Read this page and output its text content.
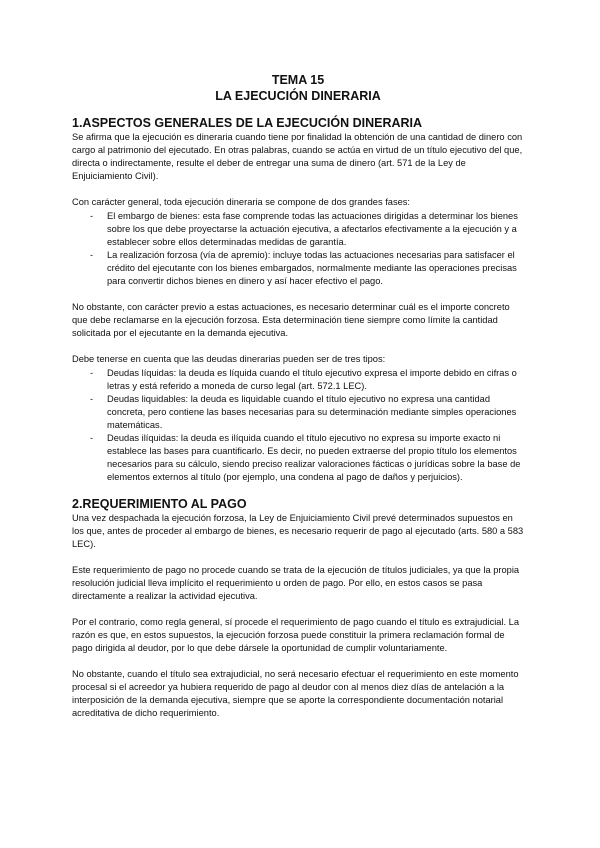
TEMA 15

LA EJECUCIÓN DINERARIA

1.ASPECTOS GENERALES DE LA EJECUCIÓN DINERARIA

Se afirma que la ejecución es dineraria cuando tiene por finalidad la obtención de una cantidad de dinero con cargo al patrimonio del ejecutado. En otras palabras, cuando se actúa en virtud de un título ejecutivo del que, directa o indirectamente, resulte el deber de entregar una suma de dinero (art. 571 de la Ley de Enjuiciamiento Civil).

Con carácter general, toda ejecución dineraria se compone de dos grandes fases:

- El embargo de bienes: esta fase comprende todas las actuaciones dirigidas a determinar los bienes sobre los que debe proyectarse la actuación ejecutiva, a afectarlos efectivamente a la ejecución y a establecer sobre ellos determinadas medidas de garantía.
- La realización forzosa (vía de apremio): incluye todas las actuaciones necesarias para satisfacer el crédito del ejecutante con los bienes embargados, normalmente mediante las operaciones precisas para convertir dichos bienes en dinero y así hacer efectivo el pago.

No obstante, con carácter previo a estas actuaciones, es necesario determinar cuál es el importe concreto que debe reclamarse en la ejecución forzosa. Esta determinación tiene siempre como límite la cantidad solicitada por el ejecutante en la demanda ejecutiva.

Debe tenerse en cuenta que las deudas dinerarias pueden ser de tres tipos:

- Deudas líquidas: la deuda es líquida cuando el título ejecutivo expresa el importe debido en cifras o letras y está referido a moneda de curso legal (art. 572.1 LEC).
- Deudas liquidables: la deuda es liquidable cuando el título ejecutivo no expresa una cantidad concreta, pero contiene las bases necesarias para su determinación mediante simples operaciones matemáticas.
- Deudas ilíquidas: la deuda es ilíquida cuando el título ejecutivo no expresa su importe exacto ni establece las bases para cuantificarlo. Es decir, no pueden extraerse del propio título los elementos necesarios para su cálculo, siendo preciso realizar valoraciones fácticas o jurídicas sobre la base de elementos externos al título (por ejemplo, una condena al pago de daños y perjuicios).
2.REQUERIMIENTO AL PAGO

Una vez despachada la ejecución forzosa, la Ley de Enjuiciamiento Civil prevé determinados supuestos en los que, antes de proceder al embargo de bienes, es necesario requerir de pago al ejecutado (arts. 580 a 583 LEC).

Este requerimiento de pago no procede cuando se trata de la ejecución de títulos judiciales, ya que la propia resolución judicial lleva implícito el requerimiento u orden de pago. Por ello, en estos casos se pasa directamente a realizar la actividad ejecutiva.

Por el contrario, como regla general, sí procede el requerimiento de pago cuando el título es extrajudicial. La razón es que, en estos supuestos, la ejecución forzosa puede constituir la primera reclamación formal de pago dirigida al deudor, por lo que debe dársele la oportunidad de cumplir voluntariamente.

No obstante, cuando el título sea extrajudicial, no será necesario efectuar el requerimiento en este momento procesal si el acreedor ya hubiera requerido de pago al deudor con al menos diez días de antelación a la interposición de la demanda ejecutiva, siempre que se aporte la correspondiente documentación notarial acreditativa de dicho requerimiento.
